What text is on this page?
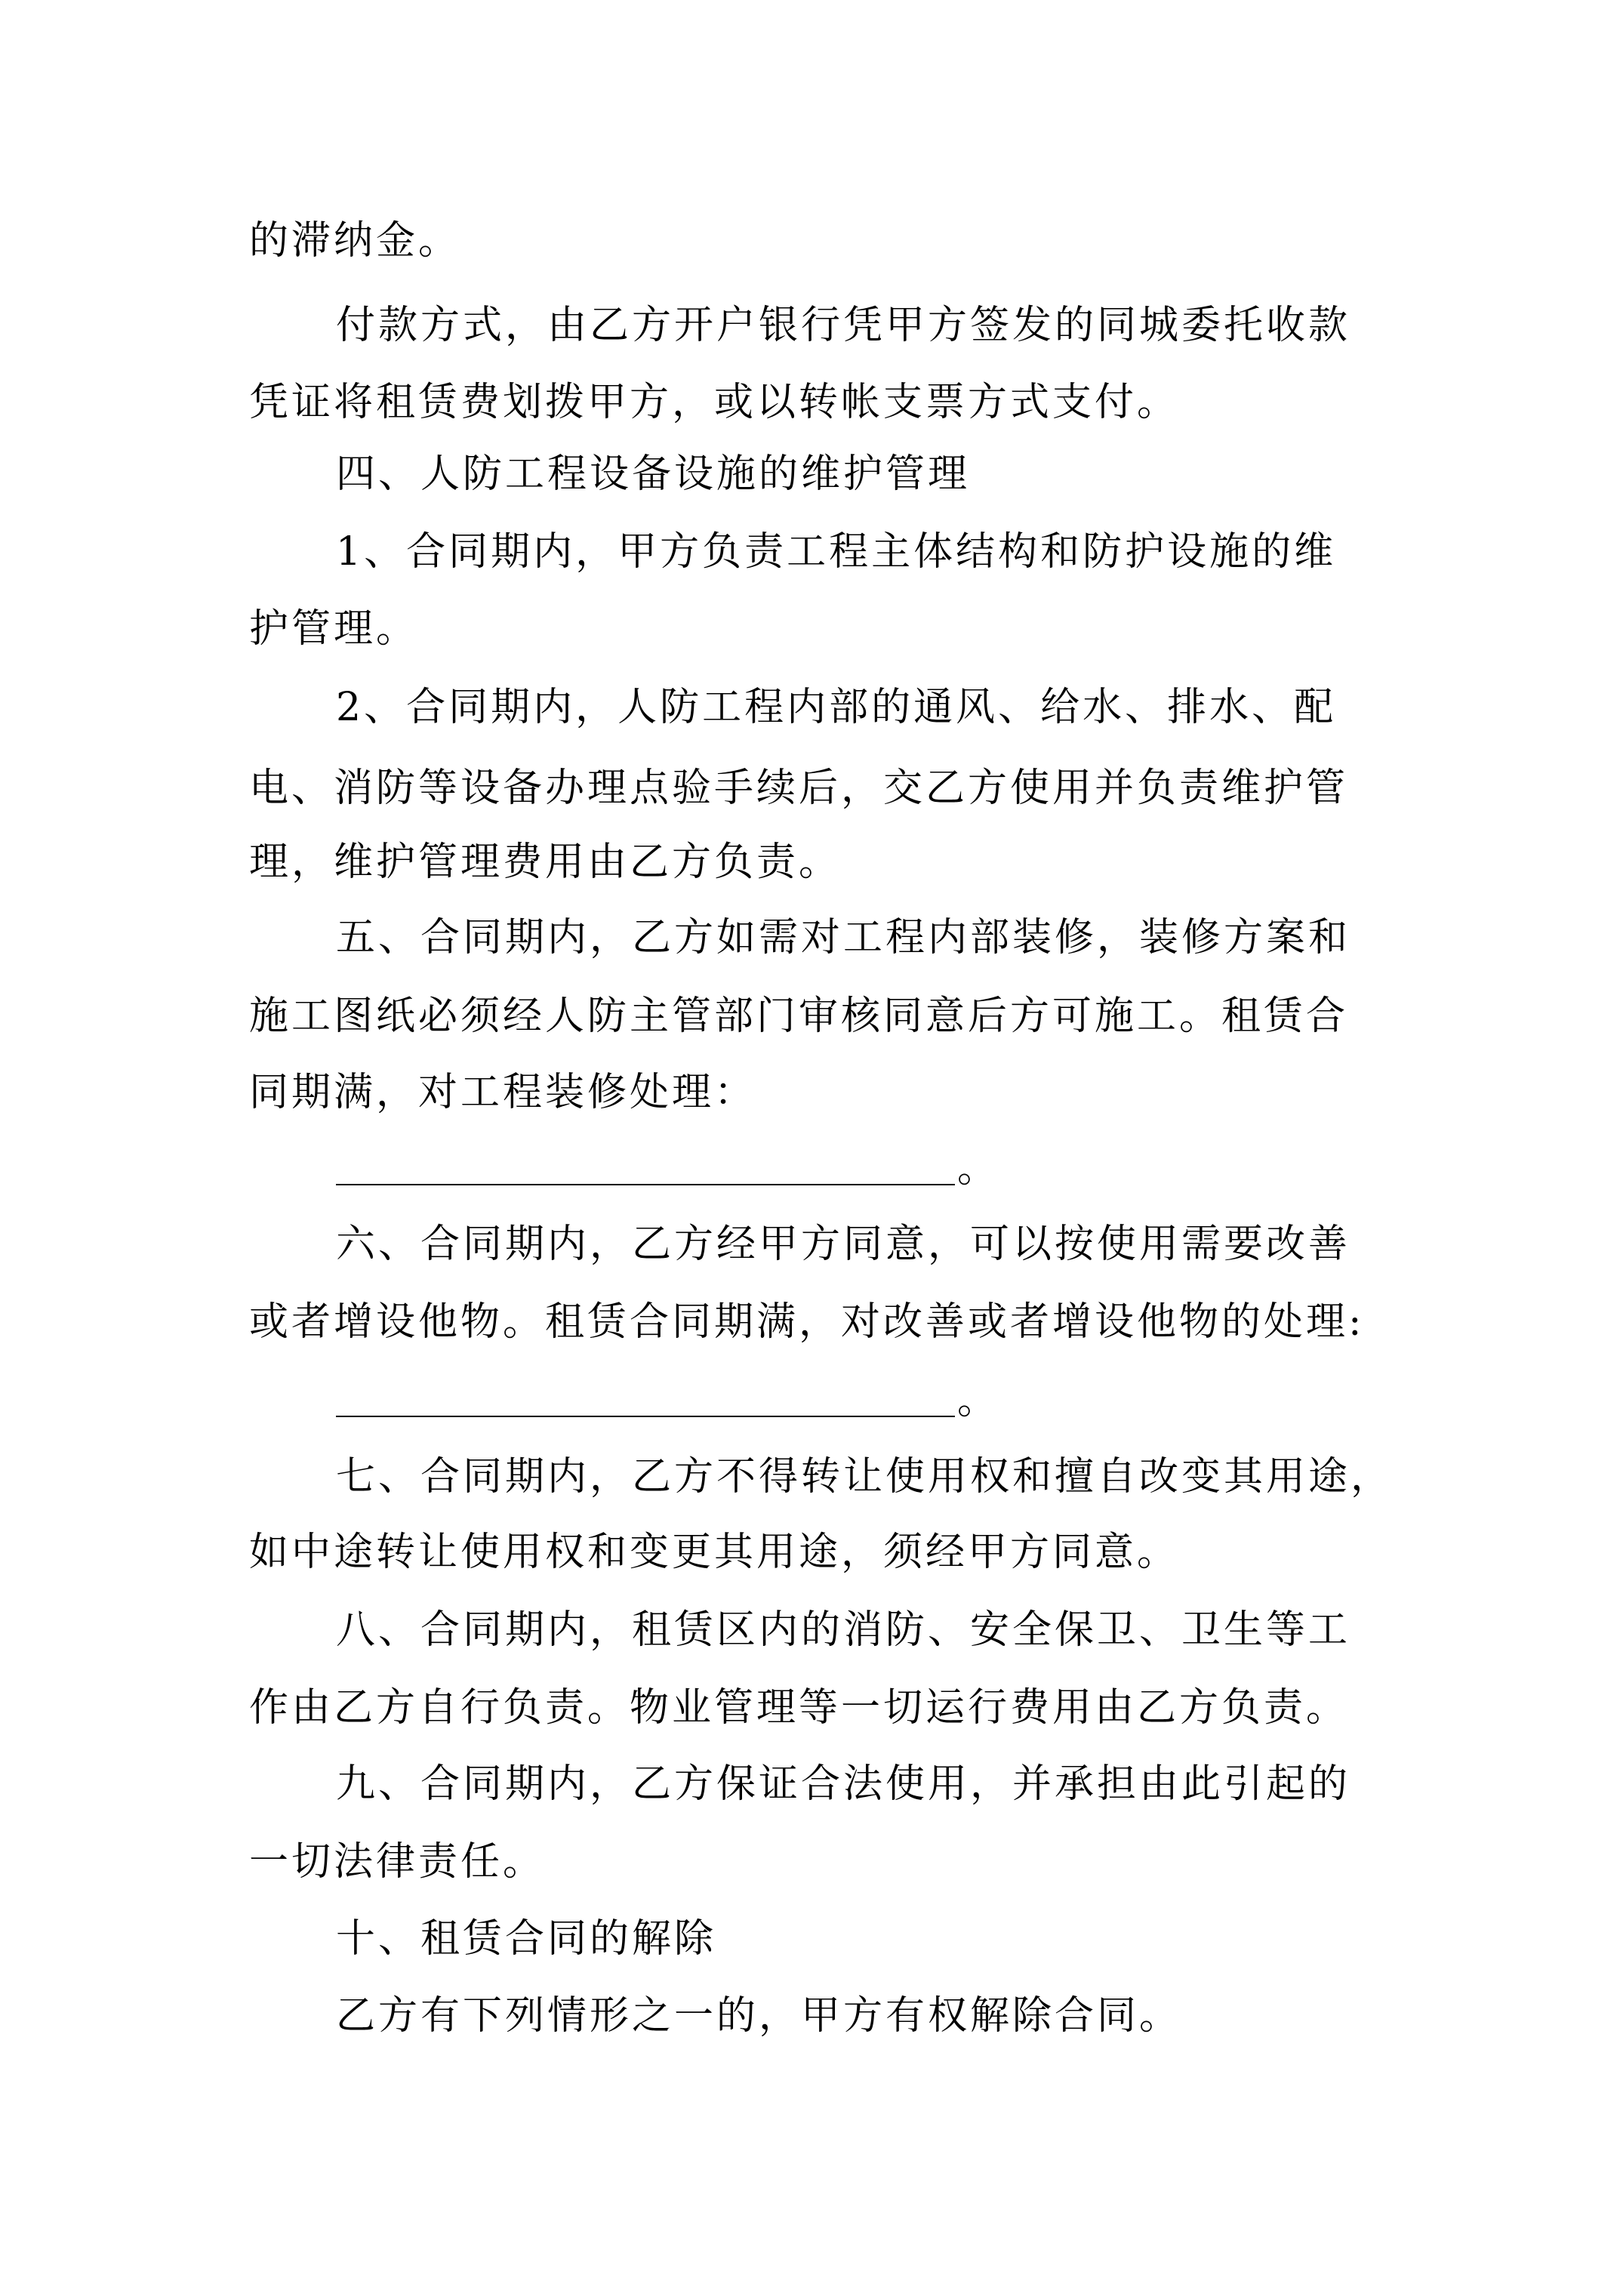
的滞纳金。
付款方式，由乙方开户银行凭甲方签发的同城委托收款
凭证将租赁费划拨甲方，或以转帐支票方式支付。
四、人防工程设备设施的维护管理
1、合同期内，甲方负责工程主体结构和防护设施的维
护管理。
2、合同期内，人防工程内部的通风、给水、排水、配
电、消防等设备办理点验手续后，交乙方使用并负责维护管
理，维护管理费用由乙方负责。
五、合同期内，乙方如需对工程内部装修，装修方案和
施工图纸必须经人防主管部门审核同意后方可施工。租赁合
同期满，对工程装修处理：
。
六、合同期内，乙方经甲方同意，可以按使用需要改善
或者增设他物。租赁合同期满，对改善或者增设他物的处理:
。
七、合同期内，乙方不得转让使用权和擅自改变其用途，
如中途转让使用权和变更其用途，须经甲方同意。
八、合同期内，租赁区内的消防、安全保卫、卫生等工
作由乙方自行负责。物业管理等一切运行费用由乙方负责。
九、合同期内，乙方保证合法使用，并承担由此引起的
一切法律责任。
十、租赁合同的解除
乙方有下列情形之一的，甲方有权解除合同。
